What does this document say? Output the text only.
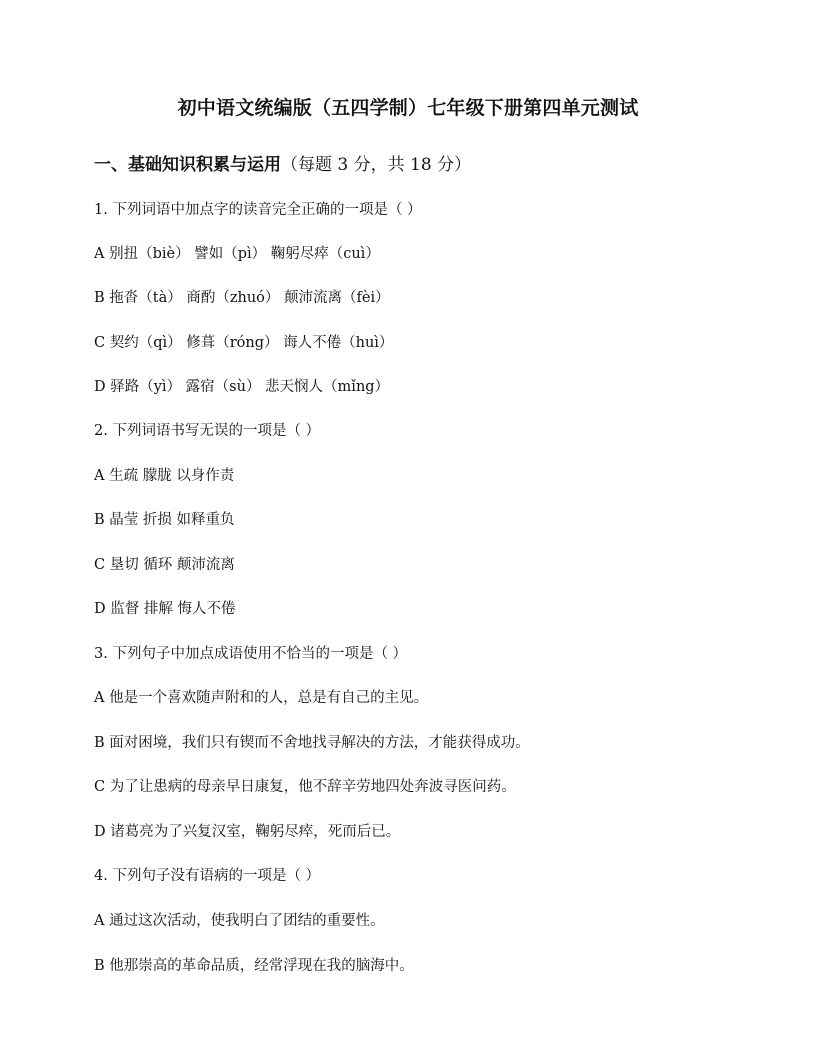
初中语文统编版（五四学制）七年级下册第四单元测试
一、基础知识积累与运用（每题 3 分，共 18 分）
1. 下列词语中加点字的读音完全正确的一项是（ ）
A 别扭（biè） 譬如（pì） 鞠躬尽瘁（cuì）
B 拖沓（tà） 商酌（zhuó） 颠沛流离（fèi）
C 契约（qì） 修葺（róng） 诲人不倦（huì）
D 驿路（yì） 露宿（sù） 悲天悯人（mǐng）
2. 下列词语书写无误的一项是（ ）
A 生疏 朦胧 以身作责
B 晶莹 折损 如释重负
C 垦切 循环 颠沛流离
D 监督 排解 悔人不倦
3. 下列句子中加点成语使用不恰当的一项是（ ）
A 他是一个喜欢随声附和的人，总是有自己的主见。
B 面对困境，我们只有锲而不舍地找寻解决的方法，才能获得成功。
C 为了让患病的母亲早日康复，他不辞辛劳地四处奔波寻医问药。
D 诸葛亮为了兴复汉室，鞠躬尽瘁，死而后已。
4. 下列句子没有语病的一项是（ ）
A 通过这次活动，使我明白了团结的重要性。
B 他那崇高的革命品质，经常浮现在我的脑海中。
